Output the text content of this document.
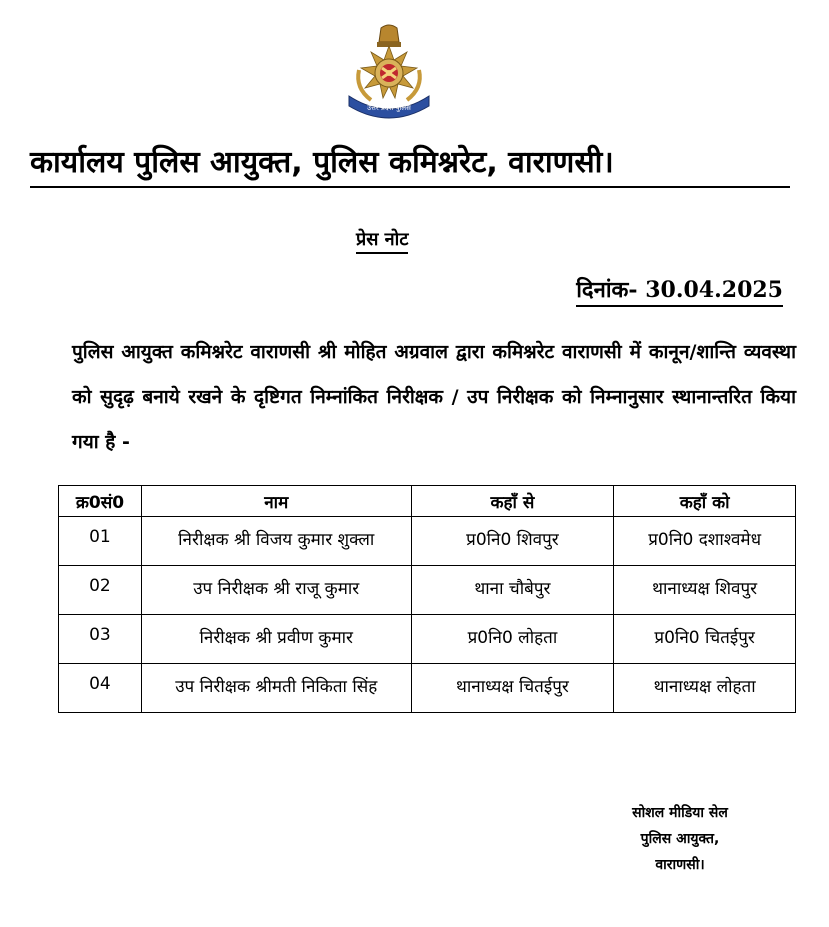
उत्तर प्रदेश पुलिस
कार्यालय पुलिस आयुक्त, पुलिस कमिश्नरेट, वाराणसी।
प्रेस नोट
दिनांक- 30.04.2025
पुलिस आयुक्त कमिश्नरेट वाराणसी श्री मोहित अग्रवाल द्वारा कमिश्नरेट वाराणसी में कानून/शान्ति व्यवस्था को सुदृढ़ बनाये रखने के दृष्टिगत निम्नांकित निरीक्षक / उप निरीक्षक को निम्नानुसार स्थानान्तरित किया गया है -
क्र0सं0	नाम	कहाँ से	कहाँ को
01	निरीक्षक श्री विजय कुमार शुक्ला	प्र0नि0 शिवपुर	प्र0नि0 दशाश्वमेध
02	उप निरीक्षक श्री राजू कुमार	थाना चौबेपुर	थानाध्यक्ष शिवपुर
03	निरीक्षक श्री प्रवीण कुमार	प्र0नि0 लोहता	प्र0नि0 चितईपुर
04	उप निरीक्षक श्रीमती निकिता सिंह	थानाध्यक्ष चितईपुर	थानाध्यक्ष लोहता
सोशल मीडिया सेल
पुलिस आयुक्त,
वाराणसी।
